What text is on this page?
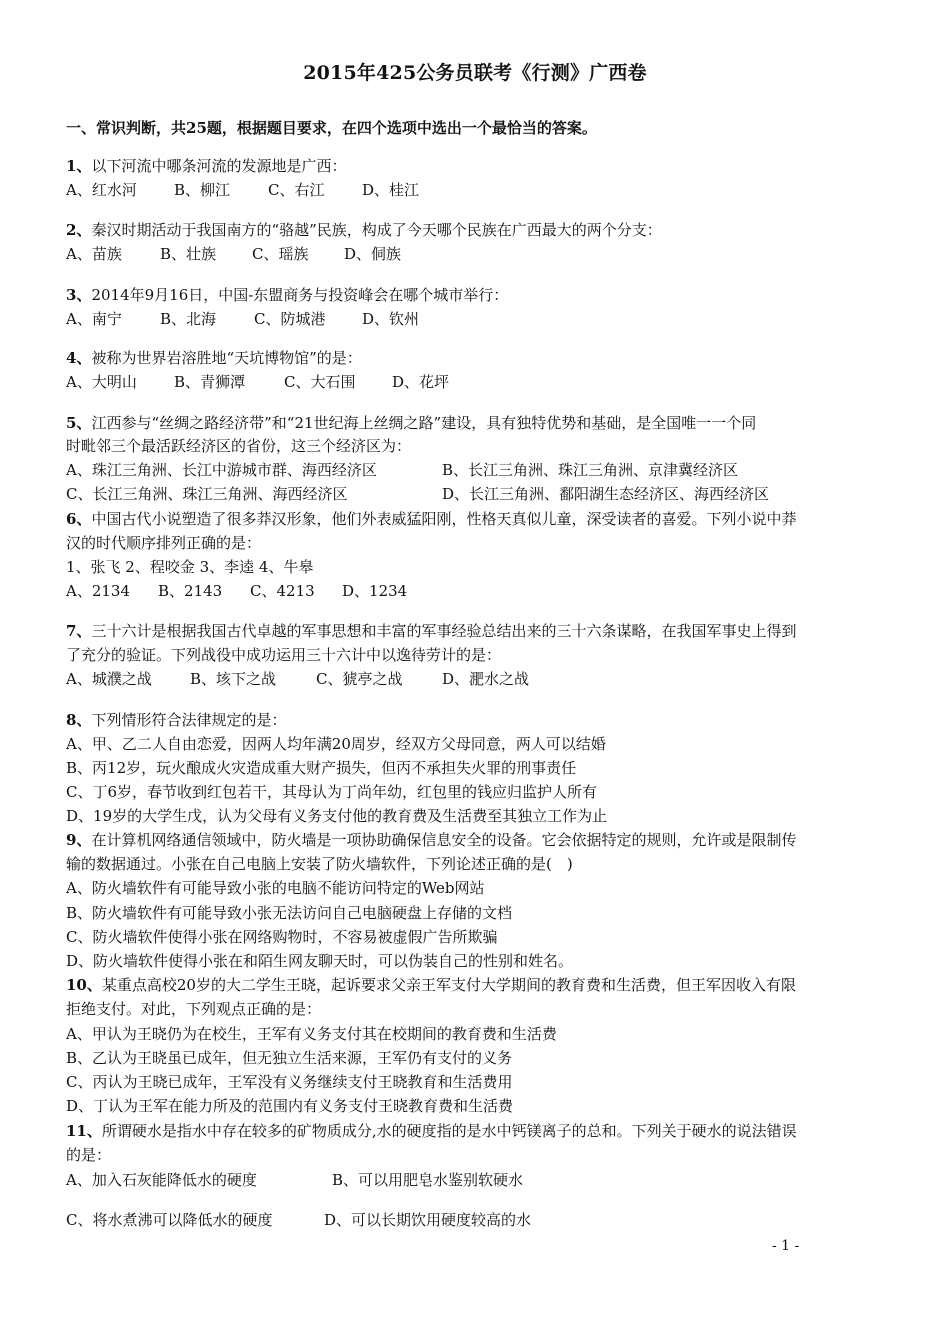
2015年425公务员联考《行测》广西卷
一、常识判断，共25题，根据题目要求，在四个选项中选出一个最恰当的答案。
1、以下河流中哪条河流的发源地是广西：
A、红水河 B、柳江	C、右江	D、桂江
2、秦汉时期活动于我国南方的“骆越”民族，构成了今天哪个民族在广西最大的两个分支：
A、苗族	B、壮族 C、瑶族 D、侗族
3、2014年9月16日，中国-东盟商务与投资峰会在哪个城市举行：
A、南宁	B、北海	C、防城港 D、钦州
4、被称为世界岩溶胜地“天坑博物馆”的是：
A、大明山 B、青狮潭	C、大石围 D、花坪
5、江西参与“丝绸之路经济带”和“21世纪海上丝绸之路”建设，具有独特优势和基础，是全国唯一一个同
时毗邻三个最活跃经济区的省份，这三个经济区为：
A、珠江三角洲、长江中游城市群、海西经济区	B、长江三角洲、珠江三角洲、京津冀经济区
C、长江三角洲、珠江三角洲、海西经济区	D、长江三角洲、鄱阳湖生态经济区、海西经济区
6、中国古代小说塑造了很多莽汉形象，他们外表威猛阳刚，性格天真似儿童，深受读者的喜爱。下列小说中莽
汉的时代顺序排列正确的是：
1、张飞 2、程咬金 3、李逵 4、牛皋
A、2134 B、2143 C、4213 D、1234
7、三十六计是根据我国古代卓越的军事思想和丰富的军事经验总结出来的三十六条谋略，在我国军事史上得到
了充分的验证。下列战役中成功运用三十六计中以逸待劳计的是：
A、城濮之战	B、垓下之战	C、猇亭之战	D、淝水之战
8、下列情形符合法律规定的是：
A、甲、乙二人自由恋爱，因两人均年满20周岁，经双方父母同意，两人可以结婚
B、丙12岁，玩火酿成火灾造成重大财产损失，但丙不承担失火罪的刑事责任
C、丁6岁，春节收到红包若干，其母认为丁尚年幼，红包里的钱应归监护人所有
D、19岁的大学生戊，认为父母有义务支付他的教育费及生活费至其独立工作为止
9、在计算机网络通信领域中，防火墙是一项协助确保信息安全的设备。它会依据特定的规则，允许或是限制传
输的数据通过。小张在自己电脑上安装了防火墙软件，下列论述正确的是(　)
A、防火墙软件有可能导致小张的电脑不能访问特定的Web网站
B、防火墙软件有可能导致小张无法访问自己电脑硬盘上存储的文档
C、防火墙软件使得小张在网络购物时，不容易被虚假广告所欺骗
D、防火墙软件使得小张在和陌生网友聊天时，可以伪装自己的性别和姓名。
10、某重点高校20岁的大二学生王晓，起诉要求父亲王军支付大学期间的教育费和生活费，但王军因收入有限
拒绝支付。对此，下列观点正确的是：
A、甲认为王晓仍为在校生，王军有义务支付其在校期间的教育费和生活费
B、乙认为王晓虽已成年，但无独立生活来源，王军仍有支付的义务
C、丙认为王晓已成年，王军没有义务继续支付王晓教育和生活费用
D、丁认为王军在能力所及的范围内有义务支付王晓教育费和生活费
11、所谓硬水是指水中存在较多的矿物质成分,水的硬度指的是水中钙镁离子的总和。下列关于硬水的说法错误
的是：
A、加入石灰能降低水的硬度	B、可以用肥皂水鉴别软硬水
C、将水煮沸可以降低水的硬度	D、可以长期饮用硬度较高的水
- 1 -
